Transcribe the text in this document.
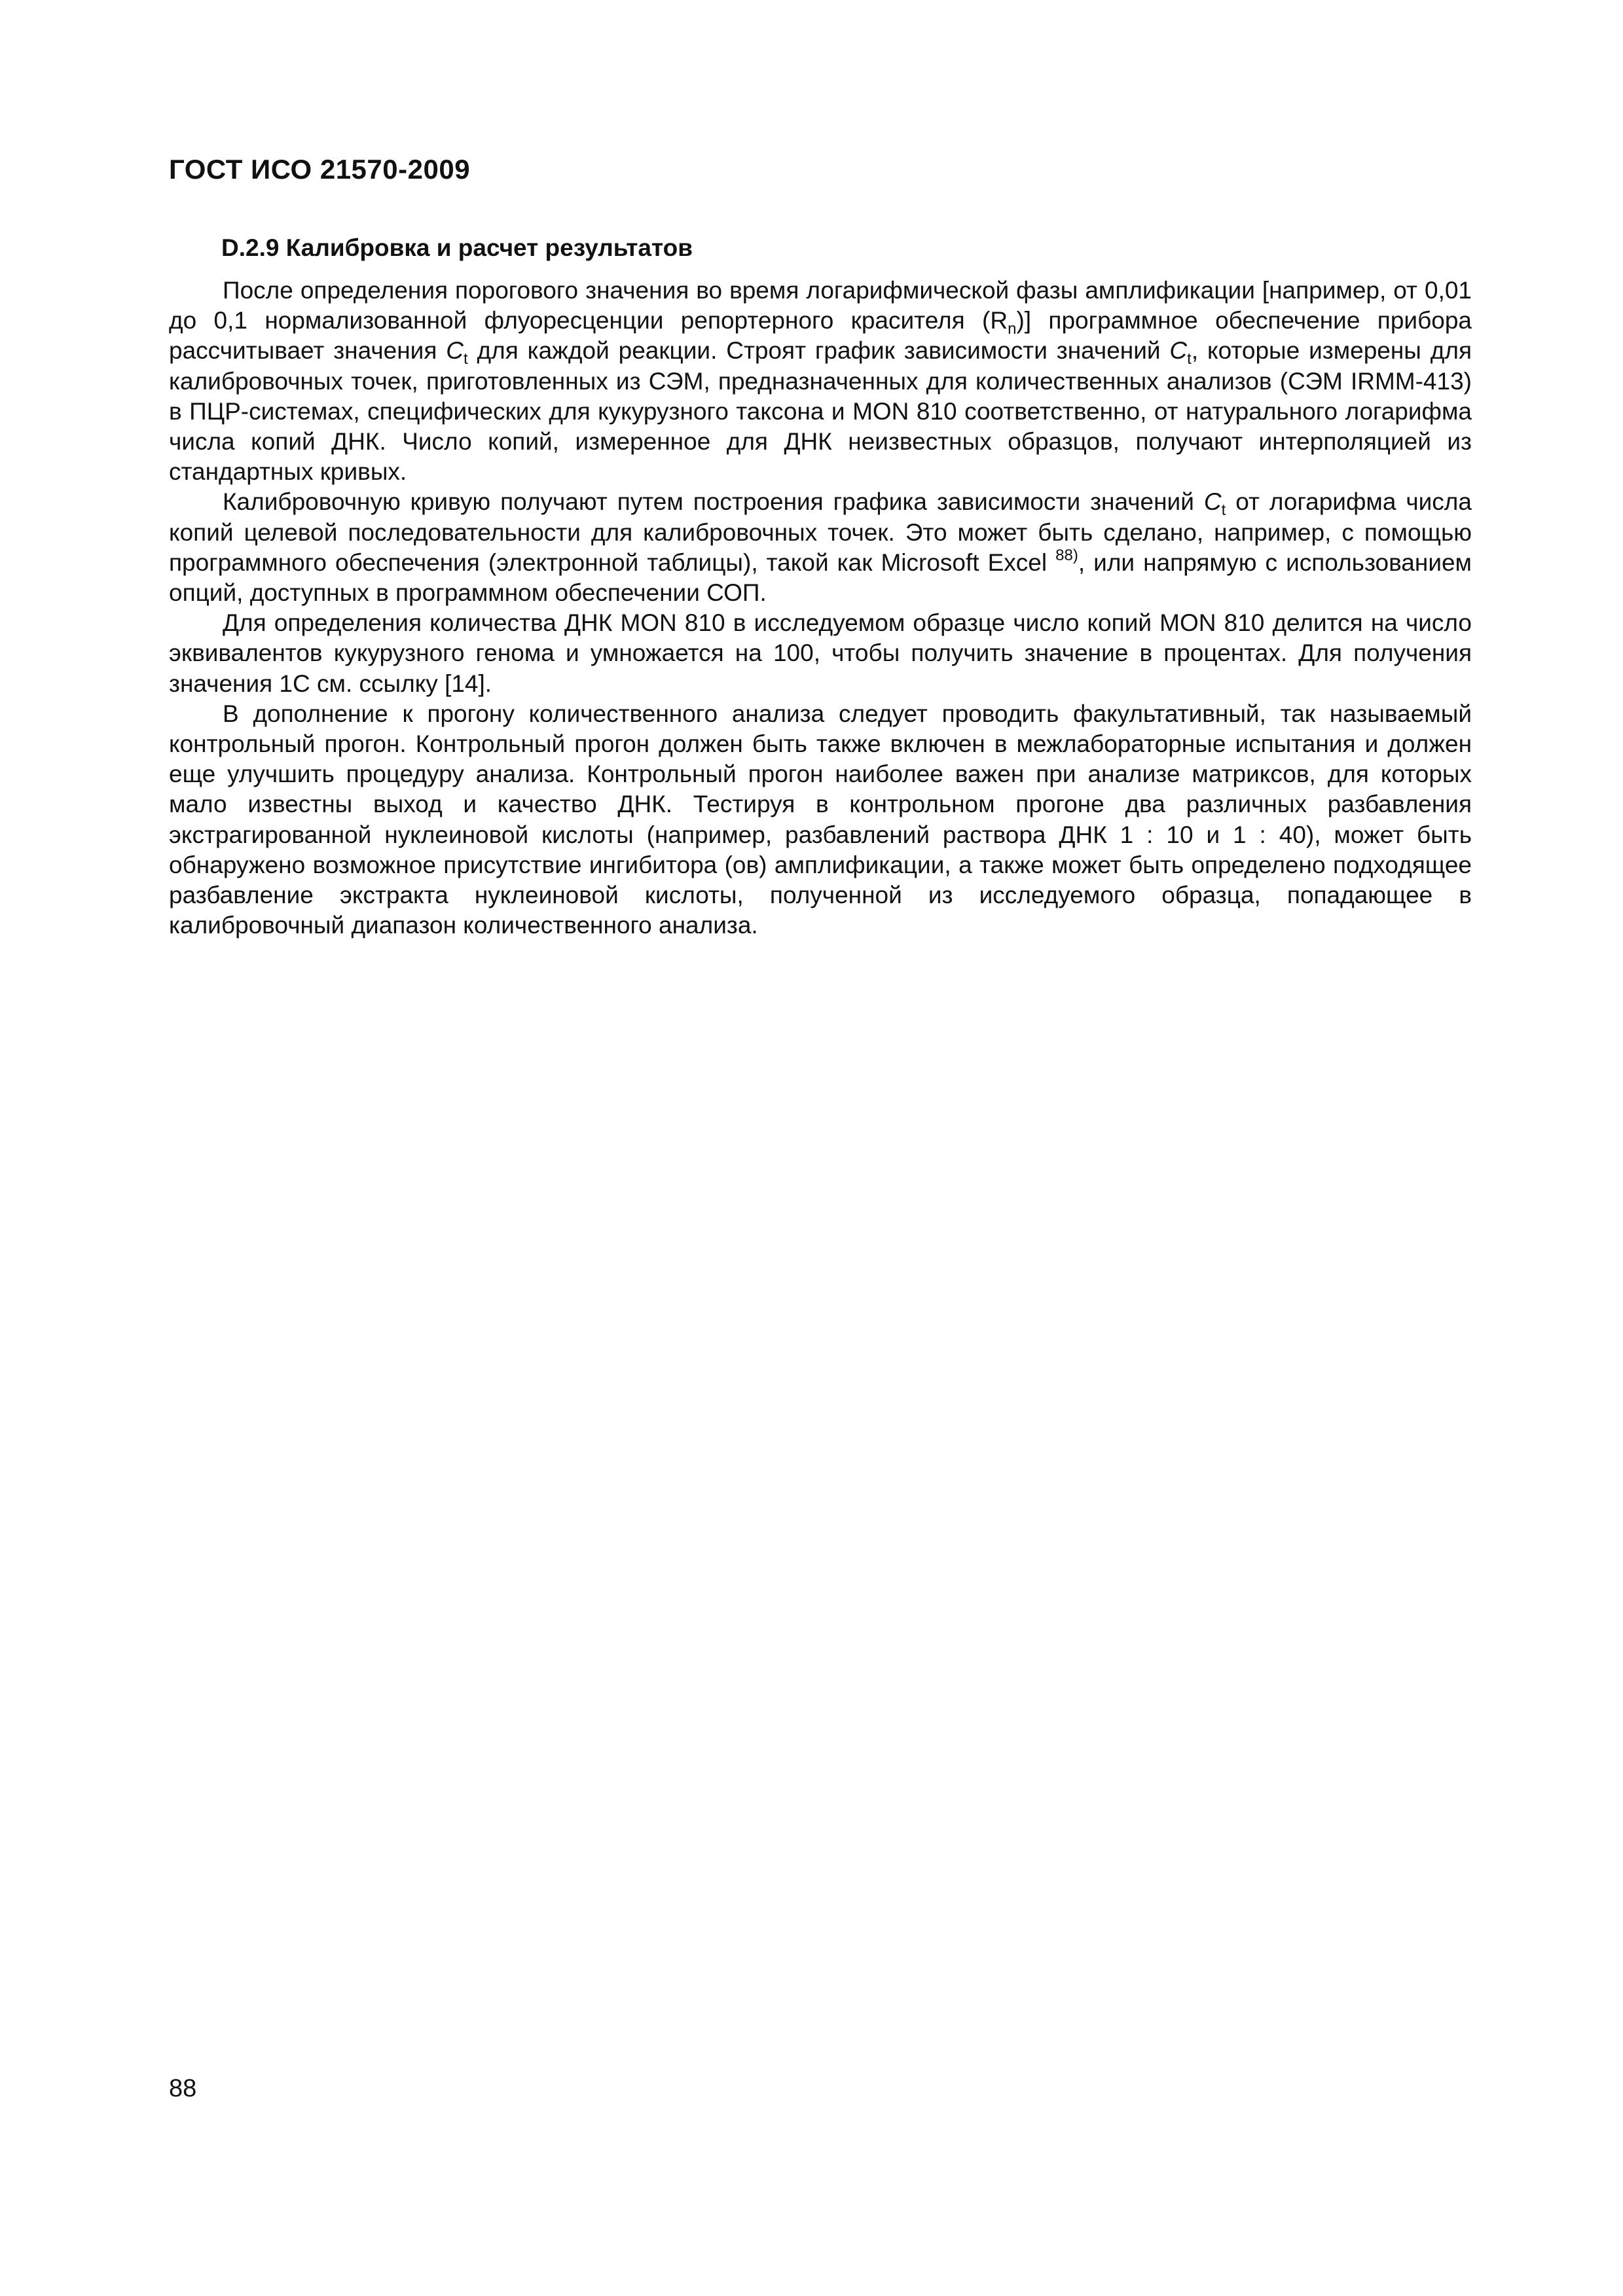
ГОСТ ИСО 21570-2009
D.2.9 Калибровка и расчет результатов

После определения порогового значения во время логарифмической фазы амплификации [например, от 0,01 до 0,1 нормализованной флуоресценции репортерного красителя $(R_n)$] программное обеспечение прибора рассчитывает значения $C_t$ для каждой реакции. Строят график зависимости значений $C_t$, которые измерены для калибровочных точек, приготовленных из СЭМ, предназначенных для количественных анализов (СЭМ IRMM-413) в ПЦР-системах, специфических для кукурузного таксона и MON 810 соответственно, от натурального логарифма числа копий ДНК. Число копий, измеренное для ДНК неизвестных образцов, получают интерполяцией из стандартных кривых.

Калибровочную кривую получают путем построения графика зависимости значений $C_t$ от логарифма числа копий целевой последовательности для калибровочных точек. Это может быть сделано, например, с помощью программного обеспечения (электронной таблицы), такой как Microsoft Excel $^{88)}$, или напрямую с использованием опций, доступных в программном обеспечении СОП.

Для определения количества ДНК MON 810 в исследуемом образце число копий MON 810 делится на число эквивалентов кукурузного генома и умножается на 100, чтобы получить значение в процентах. Для получения значения 1С см. ссылку [14].

В дополнение к прогону количественного анализа следует проводить факультативный, так называемый контрольный прогон. Контрольный прогон должен быть также включен в межлабораторные испытания и должен еще улучшить процедуру анализа. Контрольный прогон наиболее важен при анализе матриксов, для которых мало известны выход и качество ДНК. Тестируя в контрольном прогоне два различных разбавления экстрагированной нуклеиновой кислоты (например, разбавлений раствора ДНК 1 : 10 и 1 : 40), может быть обнаружено возможное присутствие ингибитора (ов) амплификации, а также может быть определено подходящее разбавление экстракта нуклеиновой кислоты, полученной из исследуемого образца, попадающее в калибровочный диапазон количественного анализа.

88
